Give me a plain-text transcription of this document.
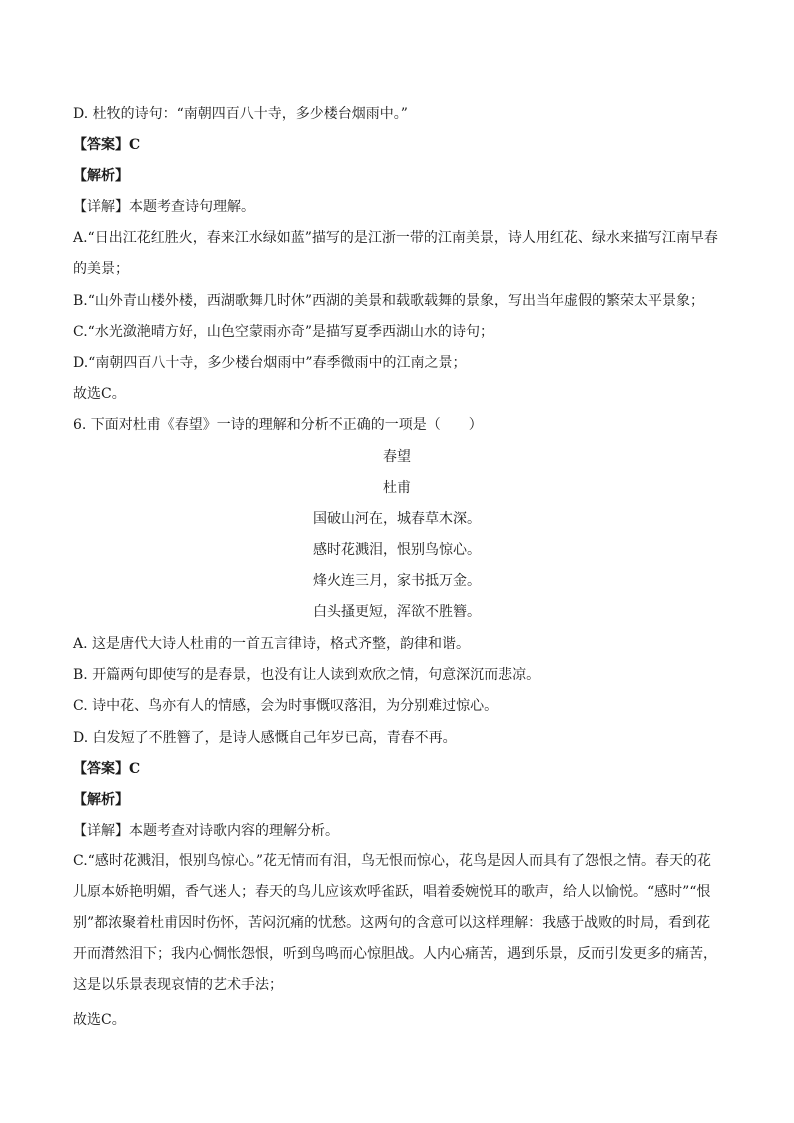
D. 杜牧的诗句：“南朝四百八十寺，多少楼台烟雨中。”
【答案】C
【解析】
【详解】本题考查诗句理解。
A.“日出江花红胜火，春来江水绿如蓝”描写的是江浙一带的江南美景，诗人用红花、绿水来描写江南早春的美景；
B.“山外青山楼外楼，西湖歌舞几时休”西湖的美景和载歌载舞的景象，写出当年虚假的繁荣太平景象；
C.“水光潋滟晴方好，山色空蒙雨亦奇”是描写夏季西湖山水的诗句；
D.“南朝四百八十寺，多少楼台烟雨中”春季微雨中的江南之景；
故选C。
6. 下面对杜甫《春望》一诗的理解和分析不正确的一项是（　　）
春望
杜甫
国破山河在，城春草木深。
感时花溅泪，恨别鸟惊心。
烽火连三月，家书抵万金。
白头搔更短，浑欲不胜簪。
A. 这是唐代大诗人杜甫的一首五言律诗，格式齐整，韵律和谐。
B. 开篇两句即使写的是春景，也没有让人读到欢欣之情，句意深沉而悲凉。
C. 诗中花、鸟亦有人的情感，会为时事慨叹落泪，为分别难过惊心。
D. 白发短了不胜簪了，是诗人感慨自己年岁已高，青春不再。
【答案】C
【解析】
【详解】本题考查对诗歌内容的理解分析。
C.“感时花溅泪，恨别鸟惊心。”花无情而有泪，鸟无恨而惊心，花鸟是因人而具有了怨恨之情。春天的花儿原本娇艳明媚，香气迷人；春天的鸟儿应该欢呼雀跃，唱着委婉悦耳的歌声，给人以愉悦。“感时”“恨别”都浓聚着杜甫因时伤怀，苦闷沉痛的忧愁。这两句的含意可以这样理解：我感于战败的时局，看到花开而潸然泪下；我内心惆怅怨恨，听到鸟鸣而心惊胆战。人内心痛苦，遇到乐景，反而引发更多的痛苦，这是以乐景表现哀情的艺术手法；
故选C。
